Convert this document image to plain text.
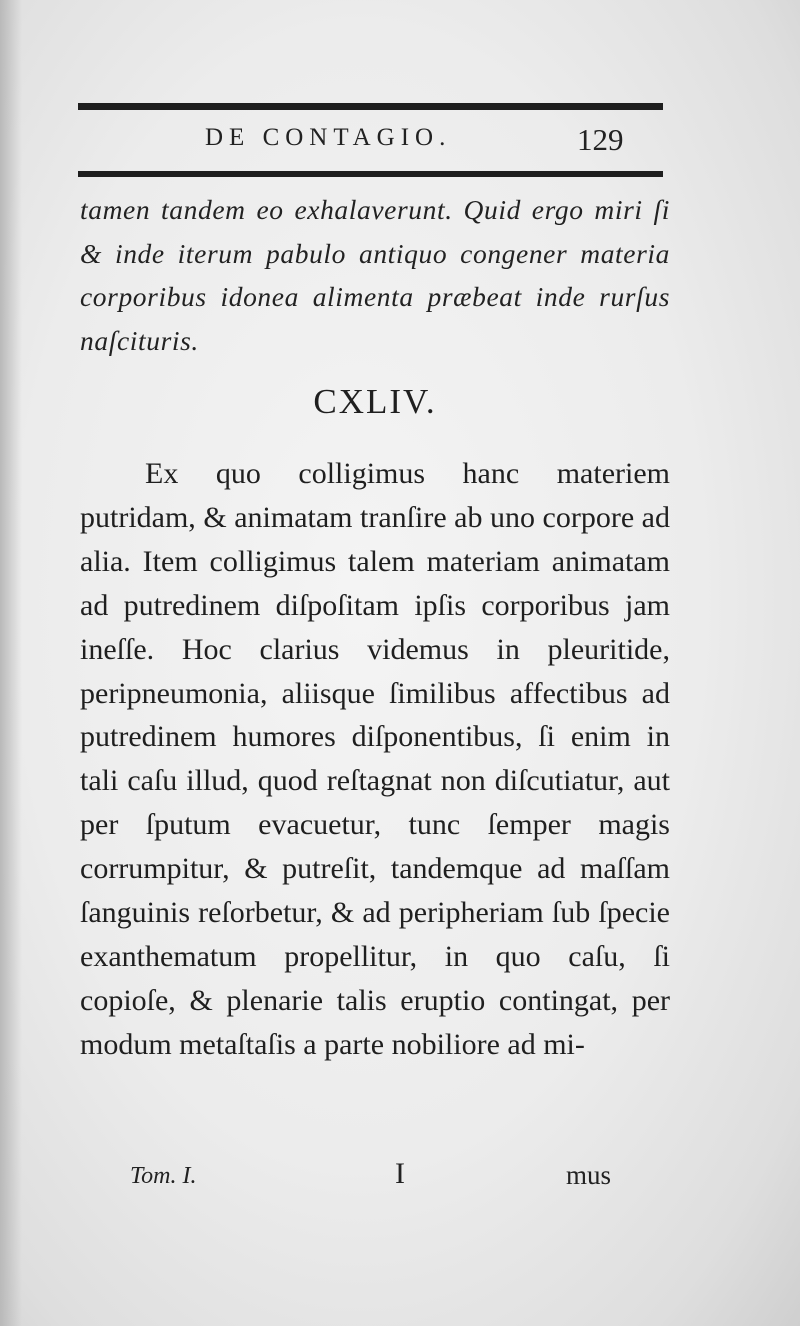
DE CONTAGIO.	129

tamen tandem eo exhalaverunt. Quid ergo miri ſi & inde iterum pabulo antiquo congener materia corporibus idonea alimenta præbeat inde rurſus naſcituris.

CXLIV.

Ex quo colligimus hanc materiem putridam, & animatam tranſire ab uno corpore ad alia. Item colligimus talem materiam animatam ad putredinem diſpoſitam ipſis corporibus jam ineſſe. Hoc clarius videmus in pleuritide, peripneumonia, aliisque ſimilibus affectibus ad putredinem humores diſponentibus, ſi enim in tali caſu illud, quod reſtagnat non diſcutiatur, aut per ſputum evacuetur, tunc ſemper magis corrumpitur, & putreſit, tandemque ad maſſam ſanguinis reſorbetur, & ad peripheriam ſub ſpecie exanthematum propellitur, in quo caſu, ſi copioſe, & plenarie talis eruptio contingat, per modum metaſtaſis a parte nobiliore ad mi-

Tom. I.	I	mus
